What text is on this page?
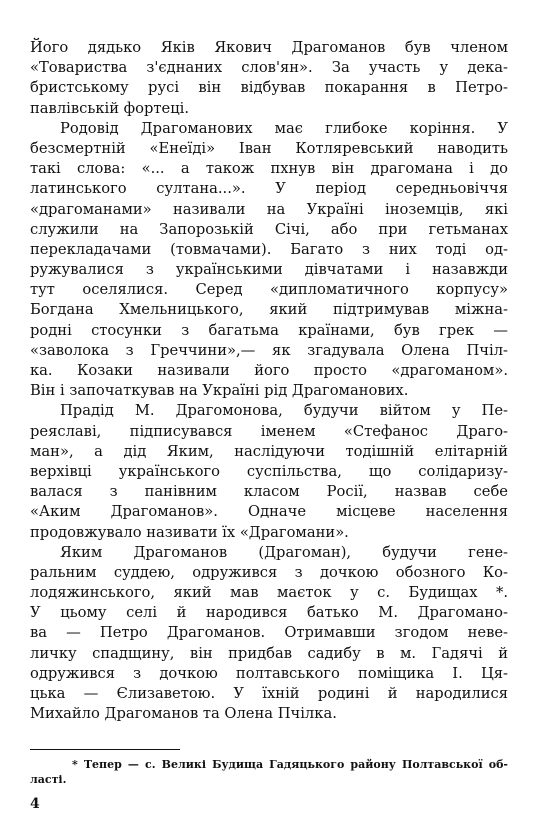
Його дядько Яків Якович Драгоманов був членом
«Товариства з'єднаних слов'ян». За участь у дека-
бристському русі він відбував покарання в Петро-
павлівській фортеці.
Родовід Драгоманових має глибоке коріння. У
безсмертній «Енеїді» Іван Котляревський наводить
такі слова: «... а також пхнув він драгомана і до
латинського султана...». У період середньовіччя
«драгоманами» називали на Україні іноземців, які
служили на Запорозькій Січі, або при гетьманах
перекладачами (товмачами). Багато з них тоді од-
ружувалися з українськими дівчатами і назавжди
тут оселялися. Серед «дипломатичного корпусу»
Богдана Хмельницького, який підтримував міжна-
родні стосунки з багатьма країнами, був грек —
«заволока з Греччини»,— як згадувала Олена Пчіл-
ка. Козаки називали його просто «драгоманом».
Він і започаткував на Україні рід Драгоманових.
Прадід М. Драгомонова, будучи війтом у Пе-
реяславі, підписувався іменем «Стефанос Драго-
ман», а дід Яким, наслідуючи тодішній елітарній
верхівці українського суспільства, що солідаризу-
валася з панівним класом Росії, назвав себе
«Аким Драгоманов». Одначе місцеве населення
продовжувало називати їх «Драгомани».
Яким Драгоманов (Драгоман), будучи гене-
ральним суддею, одружився з дочкою обозного Ко-
лодяжинського, який мав маєток у с. Будищах *.
У цьому селі й народився батько М. Драгомано-
ва — Петро Драгоманов. Отримавши згодом неве-
личку спадщину, він придбав садибу в м. Гадячі й
одружився з дочкою полтавського поміщика І. Ця-
цька — Єлизаветою. У їхній родині й народилися
Михайло Драгоманов та Олена Пчілка.
* Тепер — с. Великі Будища Гадяцького району Полтавської об-
ласті.
4
